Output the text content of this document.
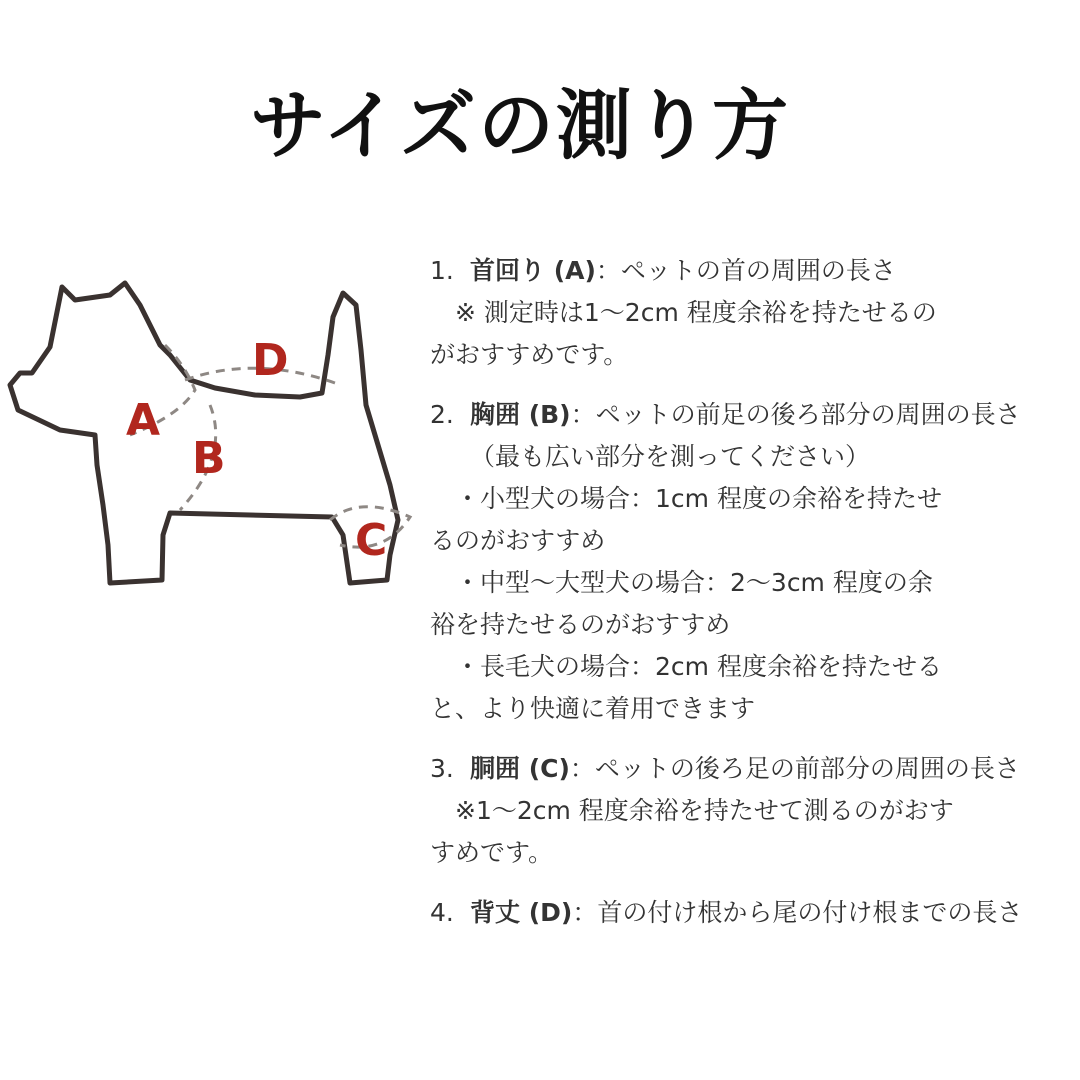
サイズの測り方
A
B
C
D
1. 首回り (A)：ペットの首の周囲の長さ
　※ 測定時は1～2cm 程度余裕を持たせるの
がおすすめです。
2. 胸囲 (B)：ペットの前足の後ろ部分の周囲の長さ（最も広い部分を測ってください）
　・小型犬の場合：1cm 程度の余裕を持たせ
るのがおすすめ
　・中型～大型犬の場合：2～3cm 程度の余
裕を持たせるのがおすすめ
　・長毛犬の場合：2cm 程度余裕を持たせる
と、より快適に着用できます
3. 胴囲 (C)：ペットの後ろ足の前部分の周囲の長さ
　※1～2cm 程度余裕を持たせて測るのがおす
すめです。
4. 背丈 (D)：首の付け根から尾の付け根までの長さ
